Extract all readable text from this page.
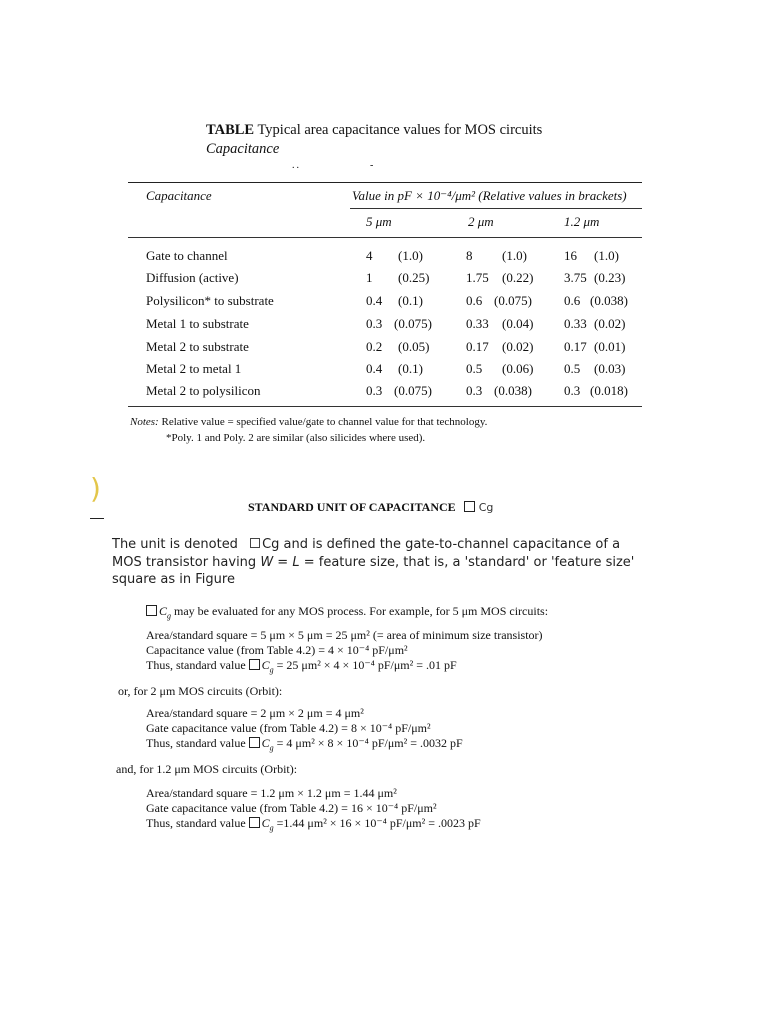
TABLE Typical area capacitance values for MOS circuits
Capacitance
..	-
Capacitance	Value in pF × 10⁻⁴/μm² (Relative values in brackets)
5 μm	2 μm	1.2 μm
Gate to channel	4 (1.0)	8 (1.0)	16 (1.0)
Diffusion (active)	1 (0.25)	1.75 (0.22) 3.75 (0.23)
Polysilicon* to substrate	0.4 (0.1)	0.6 (0.075) 0.6 (0.038)
Metal 1 to substrate	0.3 (0.075)	0.33 (0.04) 0.33 (0.02)
Metal 2 to substrate	0.2 (0.05)	0.17 (0.02) 0.17 (0.01)
Metal 2 to metal 1	0.4 (0.1)	0.5 (0.06) 0.5 (0.03)
Metal 2 to polysilicon	0.3 (0.075)	0.3 (0.038) 0.3 (0.018)
Notes: Relative value = specified value/gate to channel value for that technology.
*Poly. 1 and Poly. 2 are similar (also silicides where used).
)
STANDARD UNIT OF CAPACITANCE Cg
The unit is denoted Cg and is defined the gate-to-channel capacitance of a MOS transistor having W = L = feature size, that is, a 'standard' or 'feature size' square as in Figure
$C_g$ may be evaluated for any MOS process. For example, for 5 μm MOS circuits:
Area/standard square = 5 μm × 5 μm = 25 μm² (= area of minimum size transistor)
Capacitance value (from Table 4.2) = 4 × 10⁻⁴ pF/μm²
Thus, standard value $C_g = 25$ μm² × 4 × 10⁻⁴ pF/μm² = .01 pF
or, for 2 μm MOS circuits (Orbit):
Area/standard square = 2 μm × 2 μm = 4 μm²
Gate capacitance value (from Table 4.2) = 8 × 10⁻⁴ pF/μm²
Thus, standard value $C_g = 4$ μm² × 8 × 10⁻⁴ pF/μm² = .0032 pF
and, for 1.2 μm MOS circuits (Orbit):
Area/standard square = 1.2 μm × 1.2 μm = 1.44 μm²
Gate capacitance value (from Table 4.2) = 16 × 10⁻⁴ pF/μm²
Thus, standard value $C_g =1.44$ μm² × 16 × 10⁻⁴ pF/μm² = .0023 pF
